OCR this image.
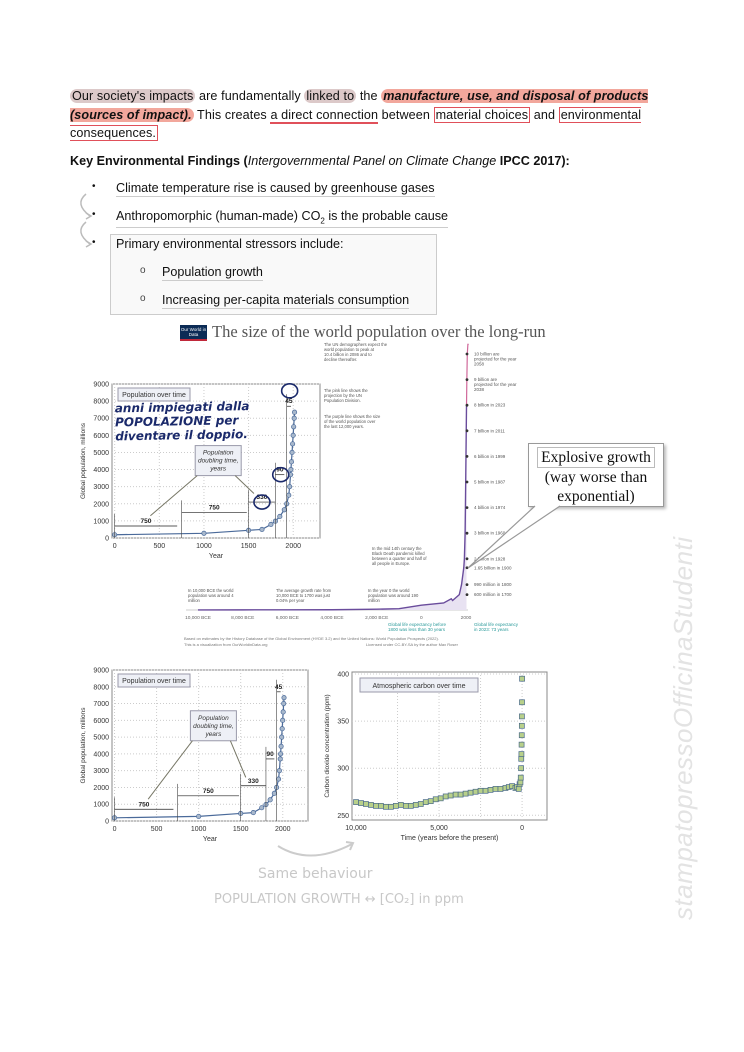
Our society's impacts are fundamentally linked to the manufacture, use, and disposal of products (sources of impact). This creates a direct connection between material choices and environmental consequences.
Key Environmental Findings (Intergovernmental Panel on Climate Change IPCC 2017):
• Climate temperature rise is caused by greenhouse gases
• Anthropomorphic (human-made) $CO_2$ is the probable cause
• Primary environmental stressors include:
o Population growth
o Increasing per-capita materials consumption
Our World in Data The size of the world population over the long-run
10,000 BCE	8,000 BCE	6,000 BCE	4,000 BCE	2,000 BCE	0	2000
10 billion are projected for the year 2058
9 billion are projected for the year 2038
8 billion in 2023
7 billion in 2011
6 billion in 1999
5 billion in 1987
4 billion in 1974
3 billion in 1960
2 billion in 1928
1.65 billion in 1900
990 million in 1800
600 million in 1700
The UN demographers expect the
world population to peak at
10.4 billion in 2086 and to
decline thereafter.
The pink line shows the
projection by the UN
Population Division.
The purple line shows the size
of the world population over
the last 12,000 years.
In the mid 14th century the
Black Death pandemic killed
between a quarter and half of
all people in Europe.
In 10,000 BCE the world
population was around 4
million
The average growth rate from
10,000 BCE to 1700 was just
0.04% per year
In the year 0 the world
population was around 190
million
Global life expectancy before
1800 was less than 30 years
Global life expectancy
in 2023: 73 years
Based on estimates by the History Database of the Global Environment (HYDE 3.2) and the United Nations: World Population Prospects (2022).
This is a visualization from OurWorldinData.org	Licensed under CC-BY-SA by the author Max Roser
0
1000
2000
3000
4000
5000
6000
7000
8000
9000
0	500	1000	1500	2000
Year
Global population, millions
Population over time
750
750
330
90
45
Population
doubling time,
years
anni impiegati dalla POPOLAZIONE per diventare il doppio.
Explosive growth
(way worse than
exponential)
0
1000
2000
3000
4000
5000
6000
7000
8000
9000
0	500	1000	1500	2000
Year
Global population, millions
Population over time
750
750
330
90
45
Population
doubling time,
years
250
300
350
400
10,000	5,000	0
Time (years before the present)
Carbon dioxide concentration (ppm)
Atmospheric carbon over time
Same behaviour
POPULATION GROWTH ↔ [CO₂] in ppm	stampatopressoOfficinaStudenti
